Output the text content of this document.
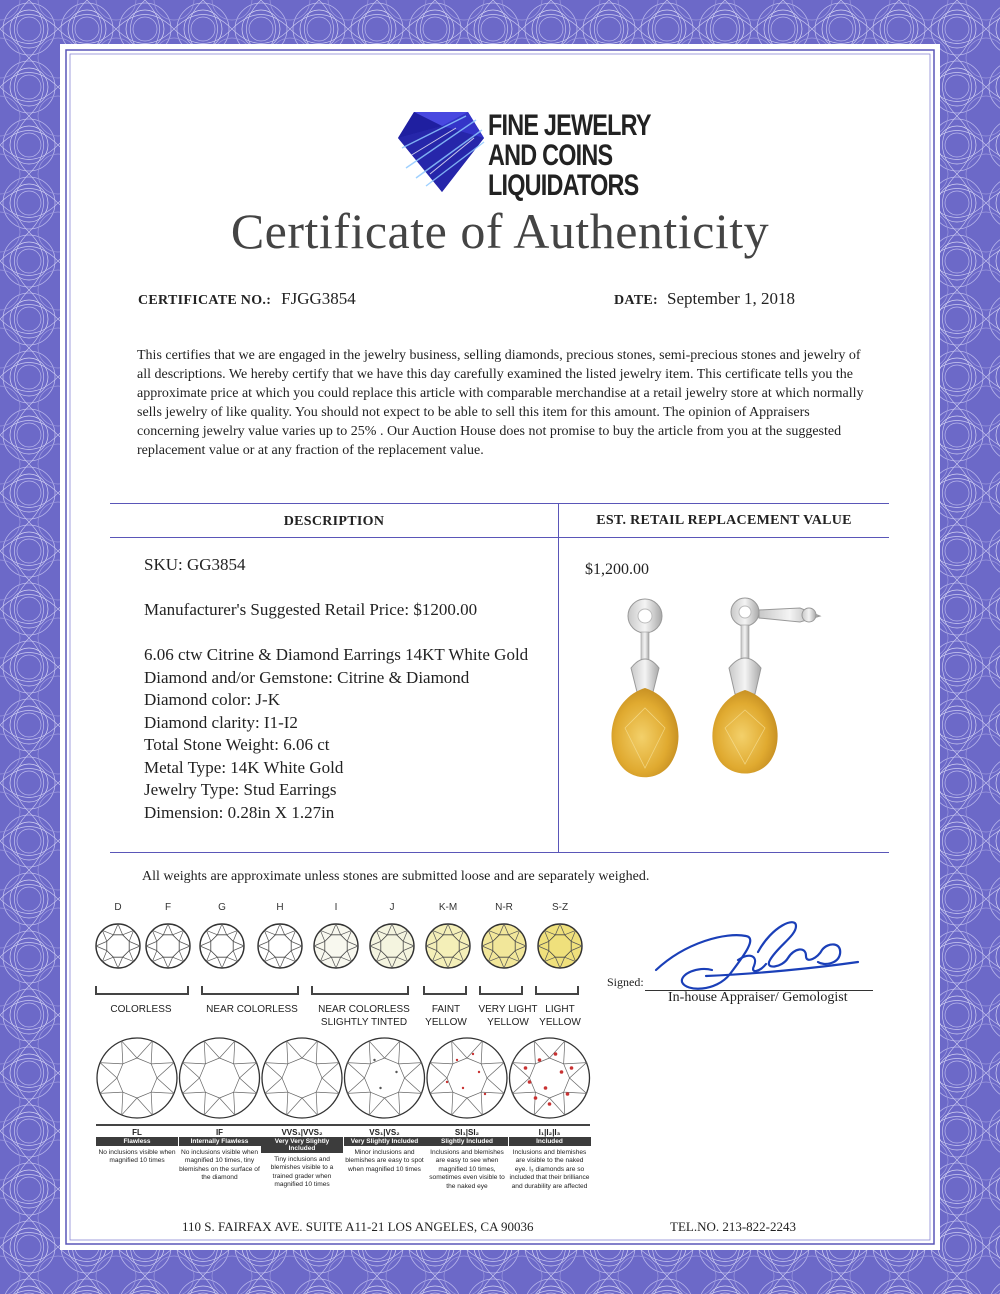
FINE JEWELRY
AND COINS
LIQUIDATORS
Certificate of Authenticity
CERTIFICATE NO.: FJGG3854	DATE: September 1, 2018
This certifies that we are engaged in the jewelry business, selling diamonds, precious stones, semi-precious stones and jewelry of all descriptions. We hereby certify that we have this day carefully examined the listed jewelry item. This certificate tells you the approximate price at which you could replace this article with comparable merchandise at a retail jewelry store at which normally sells jewelry of like quality. You should not expect to be able to sell this item for this amount. The opinion of Appraisers concerning jewelry value varies up to 25% . Our Auction House does not promise to buy the article from you at the suggested replacement value or at any fraction of the replacement value.
DESCRIPTION	EST. RETAIL REPLACEMENT VALUE
SKU: GG3854
Manufacturer's Suggested Retail Price: $1200.00
6.06 ctw Citrine & Diamond Earrings 14KT White Gold
Diamond and/or Gemstone: Citrine & Diamond
Diamond color: J-K
Diamond clarity: I1-I2
Total Stone Weight: 6.06 ct
Metal Type: 14K White Gold
Jewelry Type: Stud Earrings
Dimension: 0.28in X 1.27in
$1,200.00
All weights are approximate unless stones are submitted loose and are separately weighed.
D	F	G	H	I	J	K-M	N-R	S-Z
COLORLESS	NEAR COLORLESS	NEAR COLORLESS
SLIGHTLY TINTED
FAINT
YELLOW
VERY LIGHT
YELLOW
LIGHT
YELLOW
FL
Flawless
No inclusions visible when magnified 10 times
IF
Internally Flawless
No inclusions visible when magnified 10 times, tiny blemishes on the surface of the diamond
VVS₁|VVS₂
Very Very Slightly Included
Tiny inclusions and blemishes visible to a trained grader when magnified 10 times
VS₁|VS₂
Very Slightly Included
Minor inclusions and blemishes are easy to spot when magnified 10 times
SI₁|SI₂
Slightly Included
Inclusions and blemishes are easy to see when magnified 10 times, sometimes even visible to the naked eye
I₁|I₂|I₃
Included
Inclusions and blemishes are visible to the naked eye. I₃ diamonds are so included that their brilliance and durability are affected
Signed:
In-house Appraiser/ Gemologist
110 S. FAIRFAX AVE. SUITE A11-21 LOS ANGELES, CA 90036	TEL.NO. 213-822-2243
